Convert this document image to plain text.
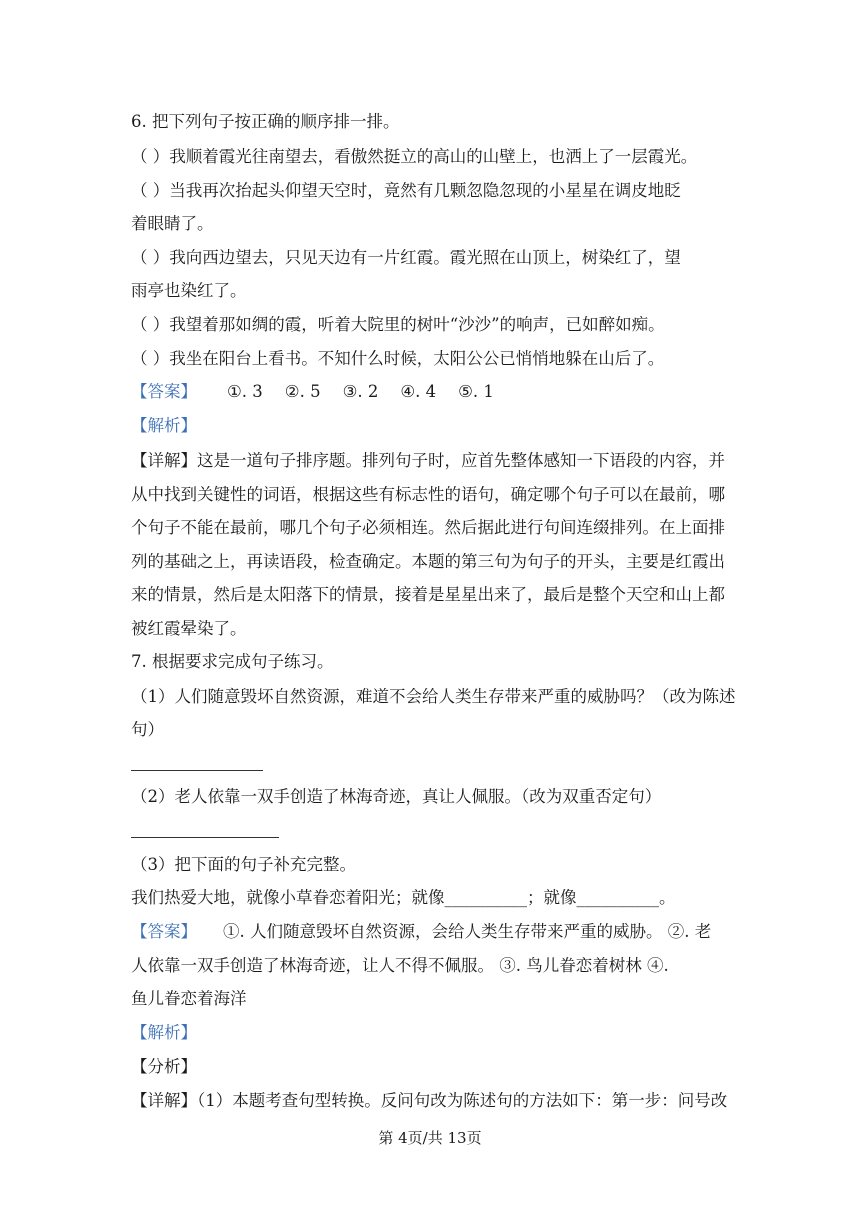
6. 把下列句子按正确的顺序排一排。
（ ）我顺着霞光往南望去，看傲然挺立的高山的山壁上，也洒上了一层霞光。
（ ）当我再次抬起头仰望天空时，竟然有几颗忽隐忽现的小星星在调皮地眨
着眼睛了。
（ ）我向西边望去，只见天边有一片红霞。霞光照在山顶上，树染红了，望
雨亭也染红了。
（ ）我望着那如绸的霞，听着大院里的树叶“沙沙”的响声，已如醉如痴。
（ ）我坐在阳台上看书。不知什么时候，太阳公公已悄悄地躲在山后了。
【答案】 ①. 3 ②. 5 ③. 2 ④. 4 ⑤. 1
【解析】
【详解】这是一道句子排序题。排列句子时，应首先整体感知一下语段的内容，并
从中找到关键性的词语，根据这些有标志性的语句，确定哪个句子可以在最前，哪
个句子不能在最前，哪几个句子必须相连。然后据此进行句间连缀排列。在上面排
列的基础之上，再读语段，检查确定。本题的第三句为句子的开头，主要是红霞出
来的情景，然后是太阳落下的情景，接着是星星出来了，最后是整个天空和山上都
被红霞晕染了。
7. 根据要求完成句子练习。
（1）人们随意毁坏自然资源，难道不会给人类生存带来严重的威胁吗？（改为陈述
句）
（2）老人依靠一双手创造了林海奇迹，真让人佩服。（改为双重否定句）
（3）把下面的句子补充完整。
我们热爱大地，就像小草眷恋着阳光；就像__________；就像__________。
【答案】 ①. 人们随意毁坏自然资源，会给人类生存带来严重的威胁。 ②. 老
人依靠一双手创造了林海奇迹，让人不得不佩服。 ③. 鸟儿眷恋着树林 ④.
鱼儿眷恋着海洋
【解析】
【分析】
【详解】（1）本题考查句型转换。反问句改为陈述句的方法如下：第一步：问号改
第 4页/共 13页
